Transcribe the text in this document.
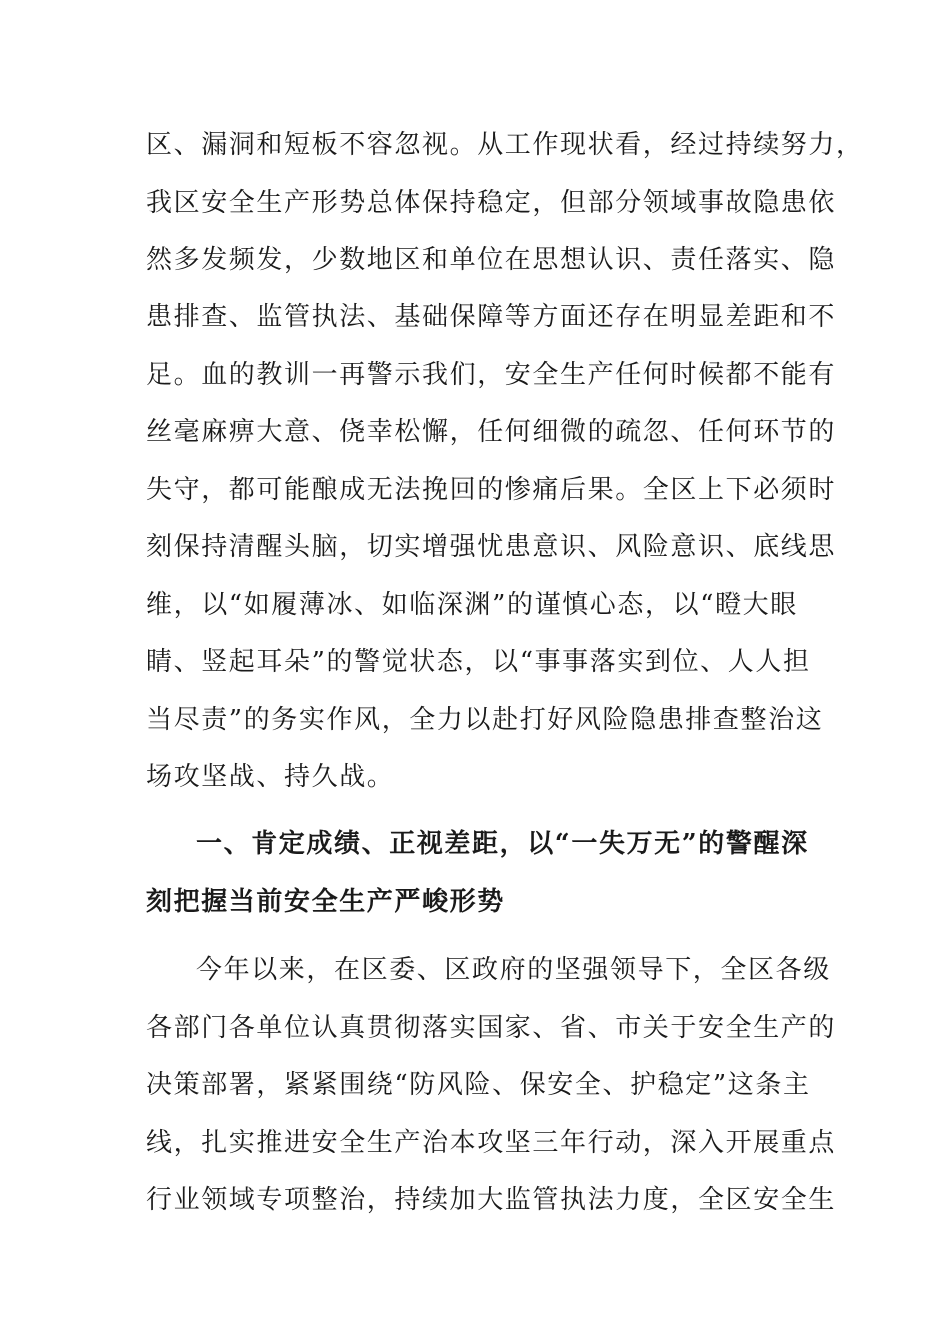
区、漏洞和短板不容忽视。从工作现状看，经过持续努力，
我区安全生产形势总体保持稳定，但部分领域事故隐患依
然多发频发，少数地区和单位在思想认识、责任落实、隐
患排查、监管执法、基础保障等方面还存在明显差距和不
足。血的教训一再警示我们，安全生产任何时候都不能有
丝毫麻痹大意、侥幸松懈，任何细微的疏忽、任何环节的
失守，都可能酿成无法挽回的惨痛后果。全区上下必须时
刻保持清醒头脑，切实增强忧患意识、风险意识、底线思
维，以“如履薄冰、如临深渊”的谨慎心态，以“瞪大眼
睛、竖起耳朵”的警觉状态，以“事事落实到位、人人担
当尽责”的务实作风，全力以赴打好风险隐患排查整治这
场攻坚战、持久战。
一、肯定成绩、正视差距，以“一失万无”的警醒深
刻把握当前安全生产严峻形势
今年以来，在区委、区政府的坚强领导下，全区各级
各部门各单位认真贯彻落实国家、省、市关于安全生产的
决策部署，紧紧围绕“防风险、保安全、护稳定”这条主
线，扎实推进安全生产治本攻坚三年行动，深入开展重点
行业领域专项整治，持续加大监管执法力度，全区安全生
